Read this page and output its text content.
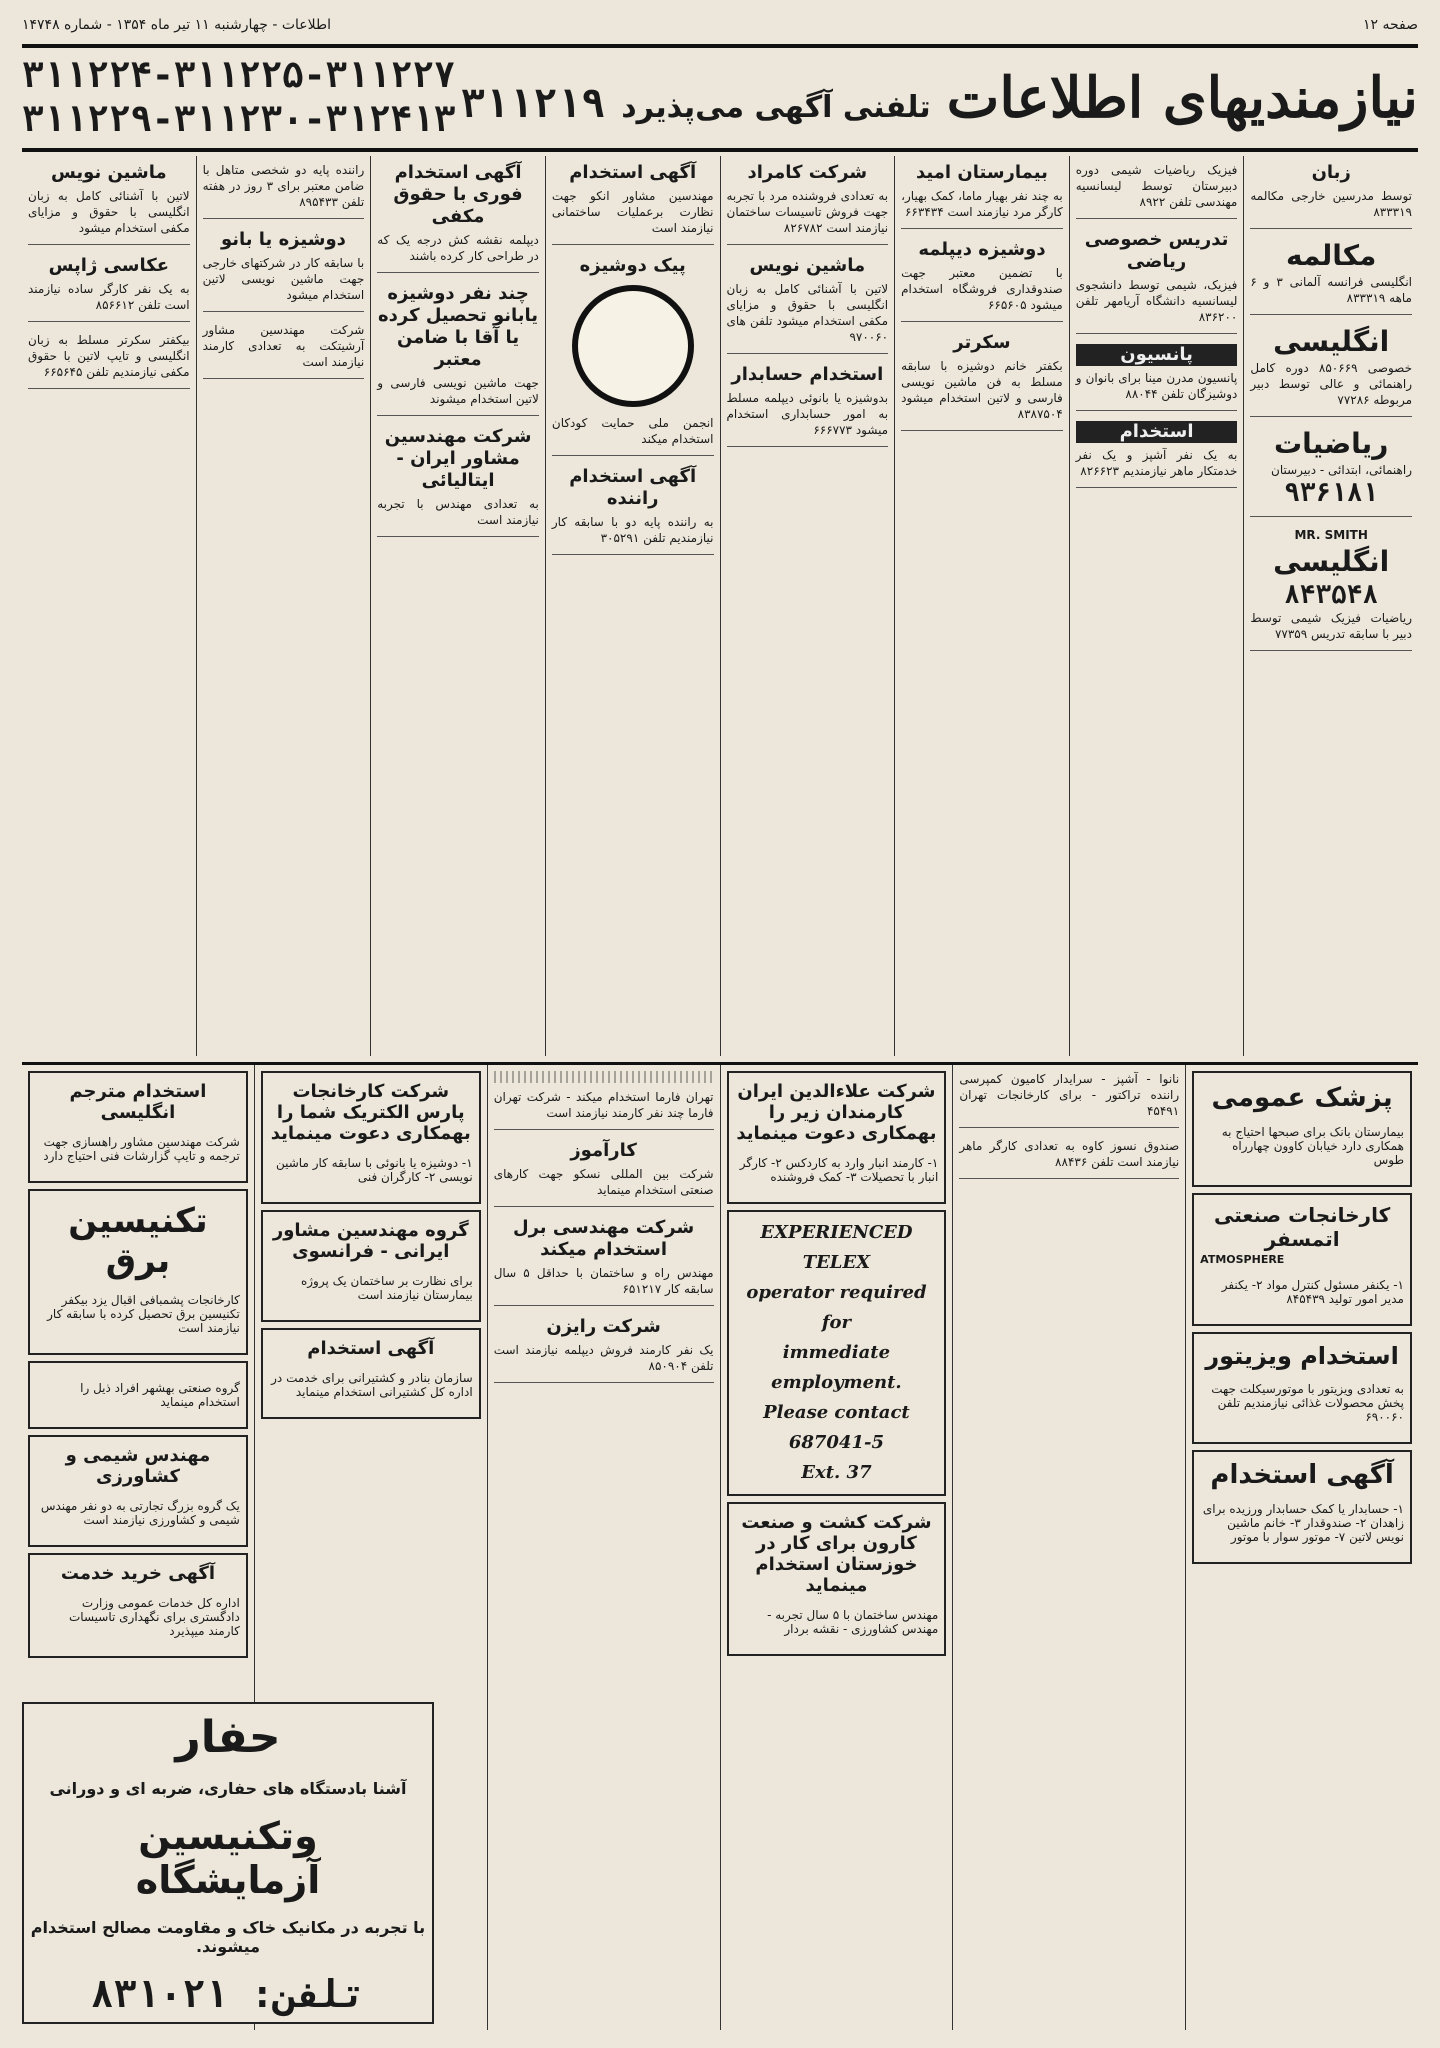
صفحه ۱۲
اطلاعات - چهارشنبه ۱۱ تیر ماه ۱۳۵۴ - شماره ۱۴۷۴۸
نیازمندیهای اطلاعات
تلفنی آگهی می‌پذیرد
۳۱۱۲۱۹
۳۱۱۲۲۴-۳۱۱۲۲۵-۳۱۱۲۲۷
۳۱۱۲۲۹-۳۱۱۲۳۰-۳۱۲۴۱۳
زبان

توسط مدرسین خارجی مکالمه ۸۳۳۳۱۹

مکالمه

انگلیسی فرانسه آلمانی ۳ و ۶ ماهه ۸۳۳۳۱۹

انگلیسی

خصوصی ۸۵۰۶۶۹ دوره کامل راهنمائی و عالی توسط دبیر مربوطه ۷۷۲۸۶

ریاضیات

راهنمائی، ابتدائی - دبیرستان

۹۳۶۱۸۱

MR. SMITH

انگلیسی
۸۴۳۵۴۸

ریاضیات فیزیک شیمی توسط دبیر با سابقه تدریس ۷۷۳۵۹

فیزیک ریاضیات شیمی دوره دبیرستان توسط لیسانسیه مهندسی تلفن ۸۹۲۲

تدریس خصوصی ریاضی

فیزیک، شیمی توسط دانشجوی لیسانسیه دانشگاه آریامهر تلفن ۸۳۶۲۰۰

پانسیون

پانسیون مدرن مینا برای بانوان و دوشیزگان تلفن ۸۸۰۴۴

استخدام

به یک نفر آشپز و یک نفر خدمتکار ماهر نیازمندیم ۸۲۶۶۲۳

بیمارستان امید

به چند نفر بهیار ماما، کمک بهیار، کارگر مرد نیازمند است ۶۶۳۴۳۴

دوشیزه دیپلمه

با تضمین معتبر جهت صندوقداری فروشگاه استخدام میشود ۶۶۵۶۰۵

سکرتر

بکفتر خانم دوشیزه با سابقه مسلط به فن ماشین نویسی فارسی و لاتین استخدام میشود ۸۳۸۷۵۰۴

شرکت کامراد

به تعدادی فروشنده مرد با تجربه جهت فروش تاسیسات ساختمان نیازمند است ۸۲۶۷۸۲

ماشین نویس

لاتین با آشنائی کامل به زبان انگلیسی با حقوق و مزایای مکفی استخدام میشود تلفن های ۹۷۰۰۶۰

استخدام حسابدار

بدوشیزه یا بانوئی دیپلمه مسلط به امور حسابداری استخدام میشود ۶۶۶۷۷۳

آگهی استخدام

مهندسین مشاور انکو جهت نظارت برعملیات ساختمانی نیازمند است

پیک دوشیزه

انجمن ملی حمایت کودکان استخدام میکند

آگهی استخدام راننده

به راننده پایه دو با سابقه کار نیازمندیم تلفن ۳۰۵۲۹۱

آگهی استخدام فوری با حقوق مکفی

دیپلمه نقشه کش درجه یک که در طراحی کار کرده باشند

چند نفر دوشیزه یابانو تحصیل کرده یا آقا با ضامن معتبر

جهت ماشین نویسی فارسی و لاتین استخدام میشوند

شرکت مهندسین مشاور ایران - ایتالیائی

به تعدادی مهندس با تجربه نیازمند است

راننده پایه دو شخصی متاهل با ضامن معتبر برای ۳ روز در هفته تلفن ۸۹۵۴۳۳

دوشیزه یا بانو

با سابقه کار در شرکتهای خارجی جهت ماشین نویسی لاتین استخدام میشود

شرکت مهندسین مشاور آرشیتکت به تعدادی کارمند نیازمند است

ماشین نویس

لاتین با آشنائی کامل به زبان انگلیسی با حقوق و مزایای مکفی استخدام میشود

عکاسی ژاپس

به یک نفر کارگر ساده نیازمند است تلفن ۸۵۶۶۱۲

بیکفتر سکرتر مسلط به زبان انگلیسی و تایپ لاتین با حقوق مکفی نیازمندیم تلفن ۶۶۵۶۴۵

پزشک عمومی

بیمارستان بانک برای صبحها احتیاج به همکاری دارد خیابان کاوون چهارراه طوس

کارخانجات صنعتی اتمسفر
ATMOSPHERE

۱- یکنفر مسئول کنترل مواد ۲- یکنفر مدیر امور تولید ۸۴۵۴۳۹

استخدام ویزیتور

به تعدادی ویزیتور با موتورسیکلت جهت پخش محصولات غذائی نیازمندیم تلفن ۶۹۰۰۶۰

آگهی استخدام

۱- حسابدار یا کمک حسابدار ورزیده برای زاهدان ۲- صندوقدار ۳- خانم ماشین نویس لاتین ۷- موتور سوار با موتور

نانوا - آشپز - سرایدار کامیون کمپرسی راننده تراکتور - برای کارخانجات تهران ۴۵۴۹۱

صندوق نسوز کاوه به تعدادی کارگر ماهر نیازمند است تلفن ۸۸۴۳۶

شرکت علاءالدین ایران کارمندان زیر را بهمکاری دعوت مینماید

۱- کارمند انبار وارد به کاردکس ۲- کارگر انبار با تحصیلات ۳- کمک فروشنده

EXPERIENCED TELEX
operator required for
immediate employment.
Please contact 687041-5
Ext. 37
شرکت کشت و صنعت کارون برای کار در خوزستان استخدام مینماید

مهندس ساختمان با ۵ سال تجربه - مهندس کشاورزی - نقشه بردار

تهران فارما استخدام میکند - شرکت تهران فارما چند نفر کارمند نیازمند است

کارآموز

شرکت بین المللی نسکو جهت کارهای صنعتی استخدام مینماید

شرکت مهندسی برل استخدام میکند

مهندس راه و ساختمان با حداقل ۵ سال سابقه کار ۶۵۱۲۱۷

شرکت رایزن

یک نفر کارمند فروش دیپلمه نیازمند است تلفن ۸۵۰۹۰۴

شرکت کارخانجات پارس الکتریک شما را بهمکاری دعوت مینماید

۱- دوشیزه یا بانوئی با سابقه کار ماشین نویسی ۲- کارگران فنی

گروه مهندسین مشاور ایرانی - فرانسوی

برای نظارت بر ساختمان یک پروژه بیمارستان نیازمند است

آگهی استخدام

سازمان بنادر و کشتیرانی برای خدمت در اداره کل کشتیرانی استخدام مینماید

استخدام مترجم انگلیسی

شرکت مهندسین مشاور راهسازی جهت ترجمه و تایپ گزارشات فنی احتیاج دارد

تکنیسین برق

کارخانجات پشمبافی اقبال یزد بیکفر تکنیسین برق تحصیل کرده با سابقه کار نیازمند است

گروه صنعتی بهشهر افراد ذیل را استخدام مینماید

مهندس شیمی و کشاورزی

یک گروه بزرگ تجارتی به دو نفر مهندس شیمی و کشاورزی نیازمند است

آگهی خرید خدمت

اداره کل خدمات عمومی وزارت دادگستری برای نگهداری تاسیسات کارمند میپذیرد

حفار

آشنا بادستگاه های حفاری، ضربه ای و دورانی

وتکنیسین
آزمایشگاه

با تجربه در مکانیک خاک و مقاومت مصالح استخدام میشوند.

تلفن: ۸۳۱۰۲۱
